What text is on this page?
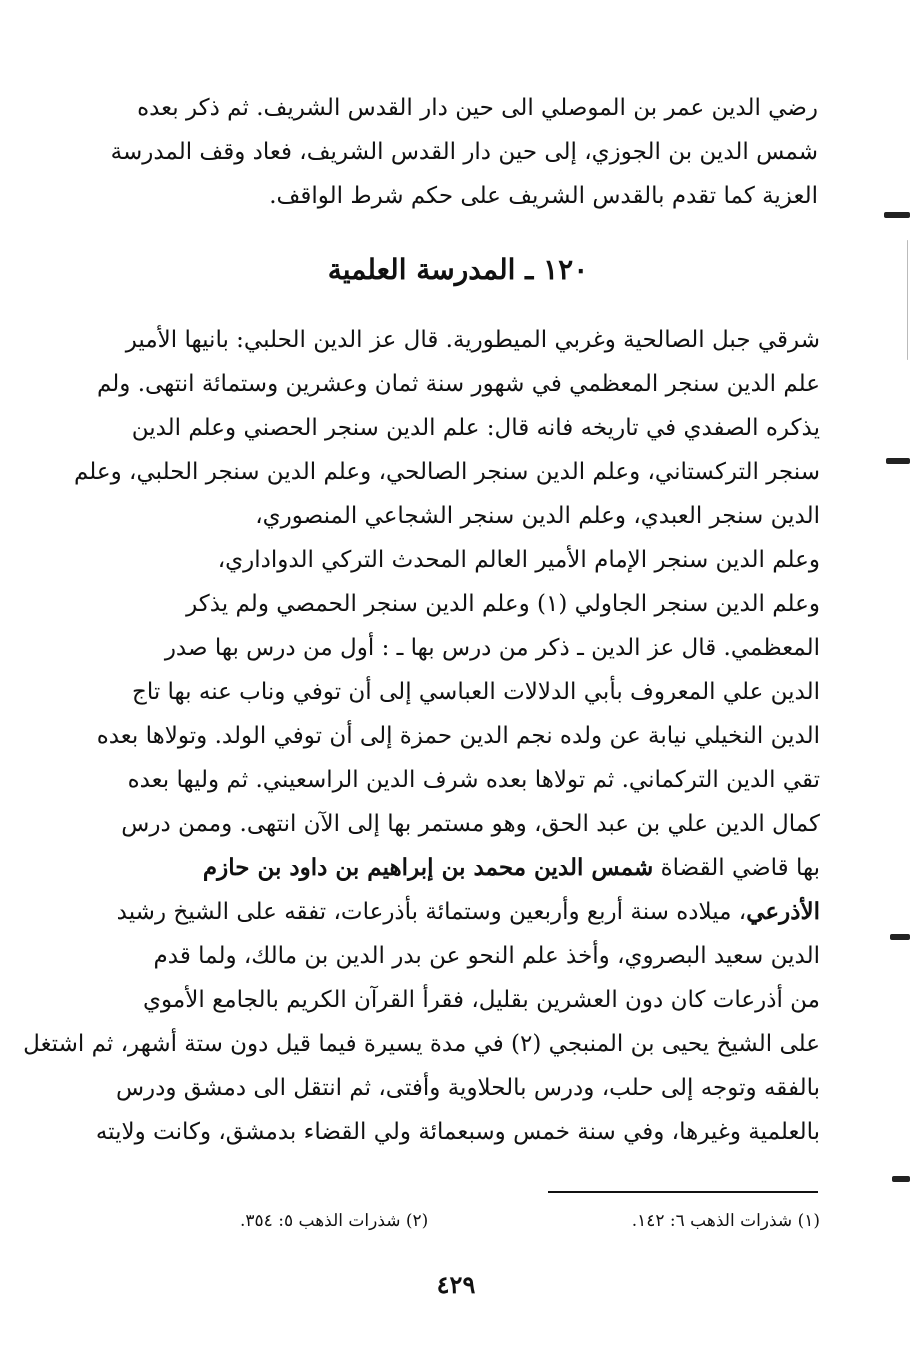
رضي الدين عمر بن الموصلي الى حين دار القدس الشريف. ثم ذكر بعده
شمس الدين بن الجوزي، إلى حين دار القدس الشريف، فعاد وقف المدرسة
العزية كما تقدم بالقدس الشريف على حكم شرط الواقف.
١٢٠ ـ المدرسة العلمية
شرقي جبل الصالحية وغربي الميطورية. قال عز الدين الحلبي: بانيها الأمير
علم الدين سنجر المعظمي في شهور سنة ثمان وعشرين وستمائة انتهى. ولم
يذكره الصفدي في تاريخه فانه قال: علم الدين سنجر الحصني وعلم الدين
سنجر التركستاني، وعلم الدين سنجر الصالحي، وعلم الدين سنجر الحلبي، وعلم
الدين سنجر العبدي، وعلم الدين سنجر الشجاعي المنصوري،
وعلم الدين سنجر الإمام الأمير العالم المحدث التركي الدواداري،
وعلم الدين سنجر الجاولي (١) وعلم الدين سنجر الحمصي ولم يذكر
المعظمي. قال عز الدين ـ ذكر من درس بها ـ : أول من درس بها صدر
الدين علي المعروف بأبي الدلالات العباسي إلى أن توفي وناب عنه بها تاج
الدين النخيلي نيابة عن ولده نجم الدين حمزة إلى أن توفي الولد. وتولاها بعده
تقي الدين التركماني. ثم تولاها بعده شرف الدين الراسعيني. ثم وليها بعده
كمال الدين علي بن عبد الحق، وهو مستمر بها إلى الآن انتهى. وممن درس
بها قاضي القضاة شمس الدين محمد بن إبراهيم بن داود بن حازم
الأذرعي، ميلاده سنة أربع وأربعين وستمائة بأذرعات، تفقه على الشيخ رشيد
الدين سعيد البصروي، وأخذ علم النحو عن بدر الدين بن مالك، ولما قدم
من أذرعات كان دون العشرين بقليل، فقرأ القرآن الكريم بالجامع الأموي
على الشيخ يحيى بن المنبجي (٢) في مدة يسيرة فيما قيل دون ستة أشهر، ثم اشتغل
بالفقه وتوجه إلى حلب، ودرس بالحلاوية وأفتى، ثم انتقل الى دمشق ودرس
بالعلمية وغيرها، وفي سنة خمس وسبعمائة ولي القضاء بدمشق، وكانت ولايته
(١) شذرات الذهب ٦: ١٤٢.
(٢) شذرات الذهب ٥: ٣٥٤.
٤٢٩
